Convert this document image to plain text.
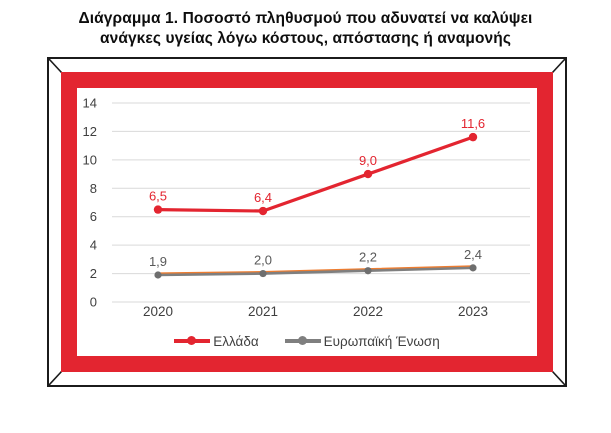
Διάγραμμα 1. Ποσοστό πληθυσμού που αδυνατεί να καλύψει
ανάγκες υγείας λόγω κόστους, απόστασης ή αναμονής
0
2
4
6
8
10
12
14
2020	2021	2022	2023
1,9	2,0	2,2	2,4
6,5	6,4
9,0
11,6
Ελλάδα	Ευρωπαϊκή Ένωση
